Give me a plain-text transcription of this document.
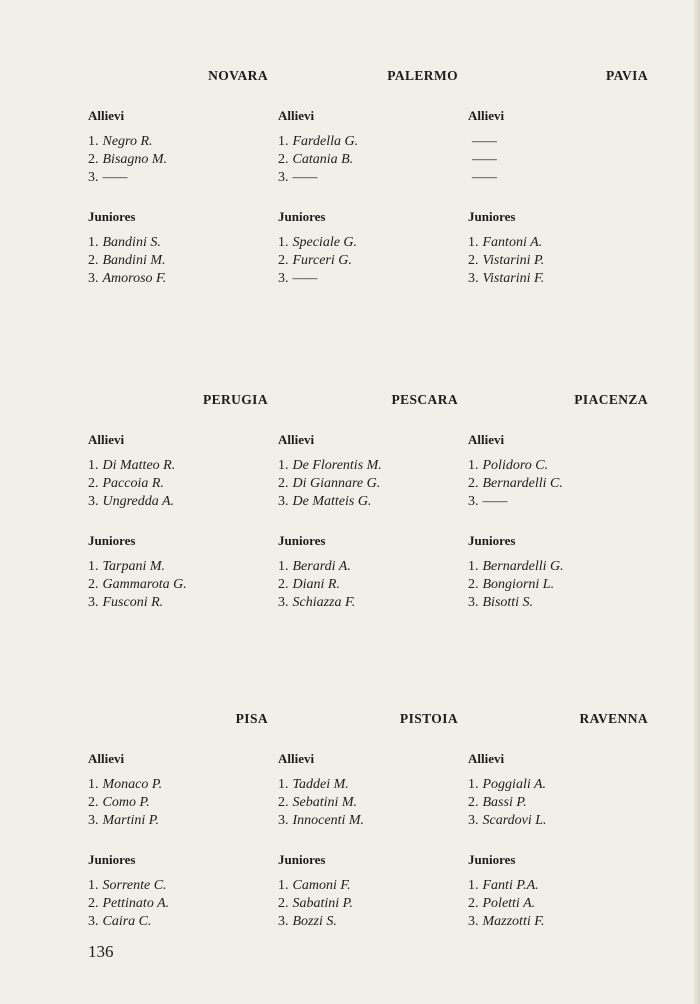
NOVARA
Allievi
1. Negro R.
2. Bisagno M.
3. ——
Juniores
1. Bandini S.
2. Bandini M.
3. Amoroso F.
PALERMO
Allievi
1. Fardella G.
2. Catania B.
3. ——
Juniores
1. Speciale G.
2. Furceri G.
3. ——
PAVIA
Allievi
——
——
——
Juniores
1. Fantoni A.
2. Vistarini P.
3. Vistarini F.
PERUGIA
Allievi
1. Di Matteo R.
2. Paccoia R.
3. Ungredda A.
Juniores
1. Tarpani M.
2. Gammarota G.
3. Fusconi R.
PESCARA
Allievi
1. De Florentis M.
2. Di Giannare G.
3. De Matteis G.
Juniores
1. Berardi A.
2. Diani R.
3. Schiazza F.
PIACENZA
Allievi
1. Polidoro C.
2. Bernardelli C.
3. ——
Juniores
1. Bernardelli G.
2. Bongiorni L.
3. Bisotti S.
PISA
Allievi
1. Monaco P.
2. Como P.
3. Martini P.
Juniores
1. Sorrente C.
2. Pettinato A.
3. Caira C.
PISTOIA
Allievi
1. Taddei M.
2. Sebatini M.
3. Innocenti M.
Juniores
1. Camoni F.
2. Sabatini P.
3. Bozzi S.
RAVENNA
Allievi
1. Poggiali A.
2. Bassi P.
3. Scardovi L.
Juniores
1. Fanti P.A.
2. Poletti A.
3. Mazzotti F.
136
